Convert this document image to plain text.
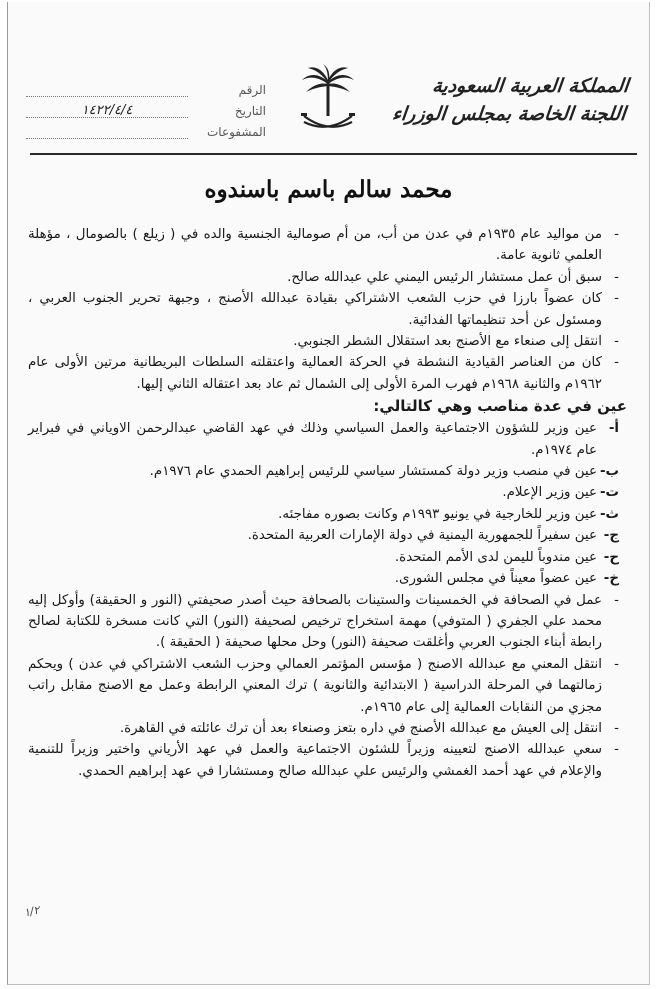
المملكة العربية السعودية
اللجنة الخاصة بمجلس الوزراء
الرقم
التاريخ
١٤٢٢/٤/٤
المشفوعات
محمد سالم باسم باسندوه
-
من مواليد عام ١٩٣٥م في عدن من أب، من أم صومالية الجنسية والده في ( زيلع ) بالصومال ، مؤهلة العلمي ثانوية عامة.
-
سبق أن عمل مستشار الرئيس اليمني علي عبدالله صالح.
-
كان عضواً بارزا في حزب الشعب الاشتراكي بقيادة عبدالله الأصنج ، وجبهة تحرير الجنوب العربي ، ومسئول عن أحد تنظيماتها الفدائية.
-
انتقل إلى صنعاء مع الأصنج بعد استقلال الشطر الجنوبي.
-
كان من العناصر القيادية النشطة في الحركة العمالية واعتقلته السلطات البريطانية مرتين الأولى عام ١٩٦٢م والثانية ١٩٦٨م فهرب المرة الأولى إلى الشمال ثم عاد بعد اعتقاله الثاني إليها.
عين في عدة مناصب وهي كالتالي:
أ-
عين وزير للشؤون الاجتماعية والعمل السياسي وذلك في عهد القاضي عبدالرحمن الاوياني في فبراير عام ١٩٧٤م.
ب-
عين في منصب وزير دولة كمستشار سياسي للرئيس إبراهيم الحمدي عام ١٩٧٦م.
ت-
عين وزير الإعلام.
ث-
عين وزير للخارجية في يونيو ١٩٩٣م وكانت بصوره مفاجئه.
ج-
عين سفيراً للجمهورية اليمنية في دولة الإمارات العربية المتحدة.
ح-
عين مندوباً لليمن لدى الأمم المتحدة.
خ-
عين عضواً معيناً في مجلس الشورى.
-
عمل في الصحافة في الخمسينات والستينات بالصحافة حيث أصدر صحيفتي (النور و الحقيقة) وأوكل إليه محمد علي الجفري ( المتوفي) مهمة استخراج ترخيص لصحيفة (النور) التي كانت مسخرة للكتابة لصالح رابطة أبناء الجنوب العربي وأغلقت صحيفة (النور) وحل محلها صحيفة ( الحقيقة ).
-
انتقل المعني مع عبدالله الاصنج ( مؤسس المؤتمر العمالي وحزب الشعب الاشتراكي في عدن ) ويحكم زمالتهما في المرحلة الدراسية ( الابتدائية والثانوية ) ترك المعني الرابطة وعمل مع الاصنج مقابل راتب مجزي من النقابات العمالية إلى عام ١٩٦٥م.
-
انتقل إلى العيش مع عبدالله الأصنج في داره بتعز وصنعاء بعد أن ترك عائلته في القاهرة.
-
سعي عبدالله الاصنج لتعيينه وزيراً للشئون الاجتماعية والعمل في عهد الأرياني واختير وزيراً للتنمية والإعلام في عهد أحمد الغمشي والرئيس علي عبدالله صالح ومستشارا في عهد إبراهيم الحمدي.
١/٢
